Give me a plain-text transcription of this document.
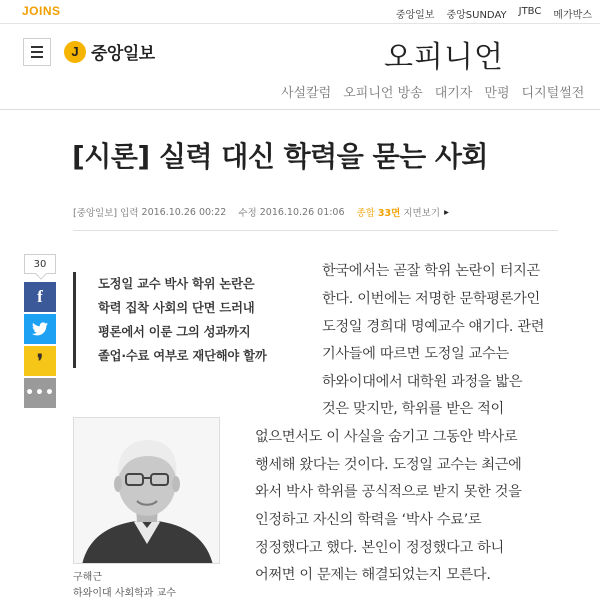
JOINS	중앙일보 중앙SUNDAY JTBC 메가박스
J 중앙일보	오피니언
사설칼럼 오피니언 방송 대기자 만평 디지털썰전
[시론] 실력 대신 학력을 묻는 사회
[중앙일보]
입력
2016.10.26 00:22 수정
2016.10.26 01:06 종합 33면
지면보기 ▸
30
f
❜
•••

도정일 교수 박사 학위 논란은

학력 집착 사회의 단면 드러내

평론에서 이룬 그의 성과까지

졸업·수료 여부로 재단해야 할까

구해근
하와이대 사회학과 교수

한국에서는 곧잘 학위 논란이 터지곤

한다. 이번에는 저명한 문학평론가인

도정일 경희대 명예교수 얘기다. 관련

기사들에 따르면 도정일 교수는

하와이대에서 대학원 과정을 밟은

것은 맞지만, 학위를 받은 적이

없으면서도 이 사실을 숨기고 그동안 박사로

행세해 왔다는 것이다. 도정일 교수는 최근에

와서 박사 학위를 공식적으로 받지 못한 것을

인정하고 자신의 학력을 ‘박사 수료’로

정정했다고 했다. 본인이 정정했다고 하니

어쩌면 이 문제는 해결되었는지 모른다.
